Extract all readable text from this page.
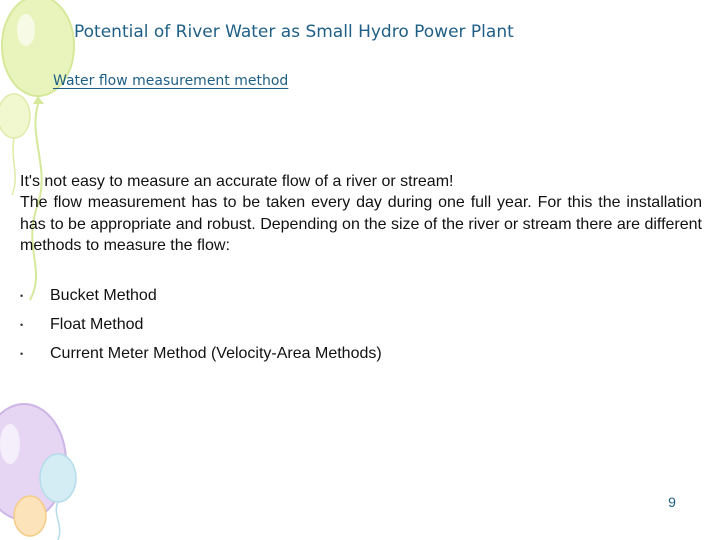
Potential of River Water as Small Hydro Power Plant
Water flow measurement method

It's not easy to measure an accurate flow of a river or stream!

The flow measurement has to be taken every day during one full year. For this the installation has to be appropriate and robust. Depending on the size of the river or stream there are different methods to measure the flow:

• Bucket Method
• Float Method
• Current Meter Method (Velocity-Area Methods)
9
